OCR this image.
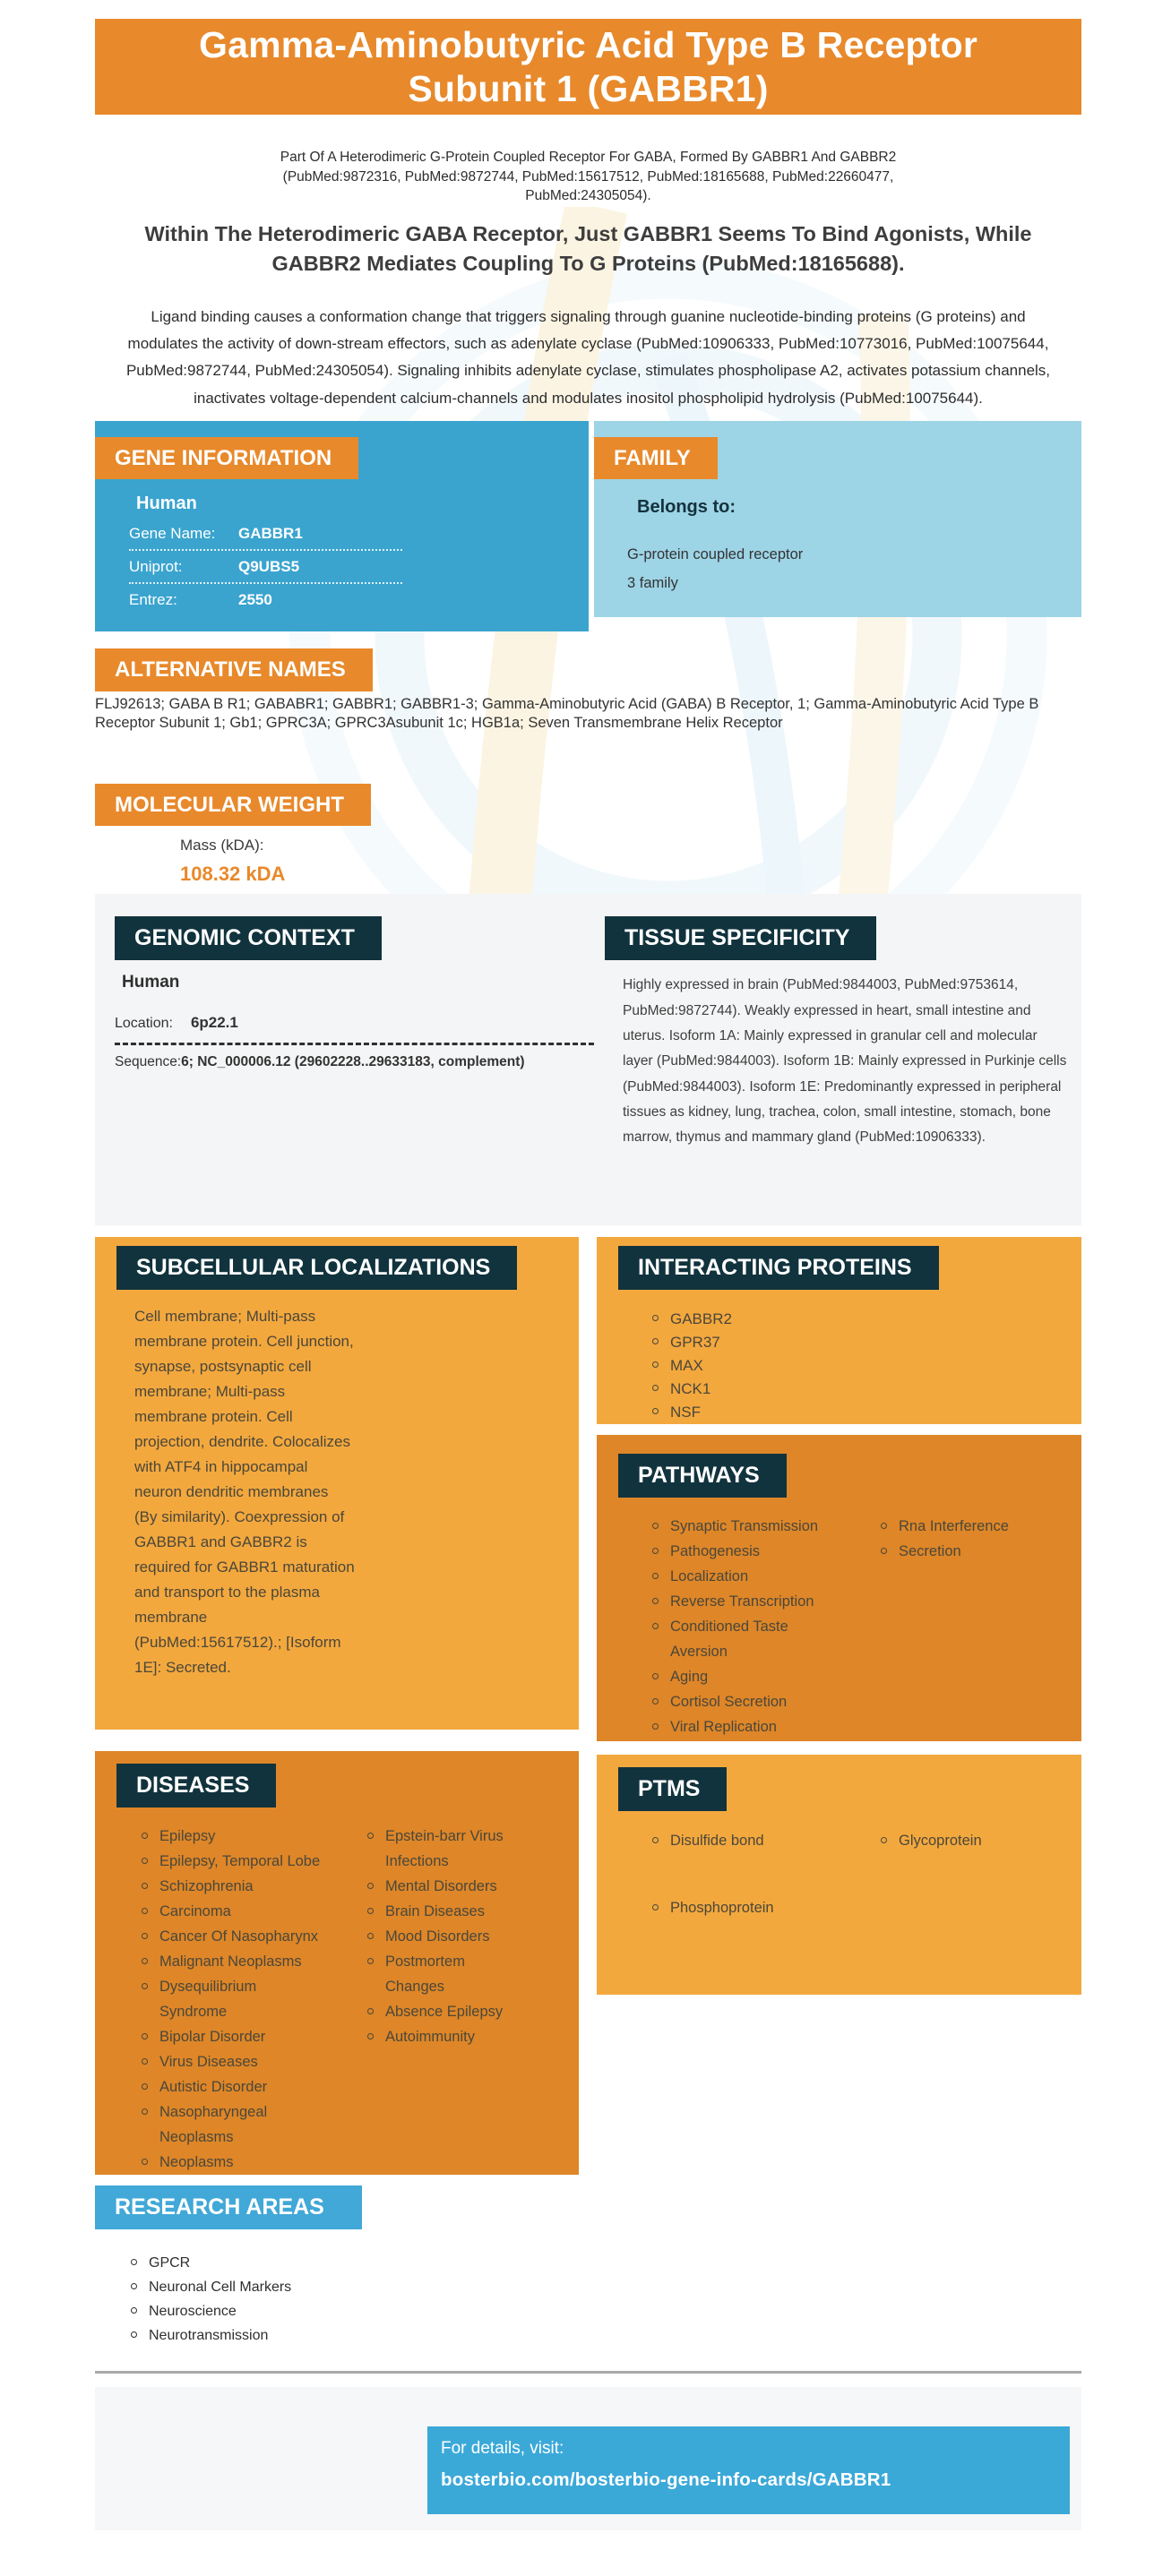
Gamma-Aminobutyric Acid Type B Receptor Subunit 1 (GABBR1)

Part Of A Heterodimeric G-Protein Coupled Receptor For GABA, Formed By GABBR1 And GABBR2 (PubMed:9872316, PubMed:9872744, PubMed:15617512, PubMed:18165688, PubMed:22660477, PubMed:24305054).

Within The Heterodimeric GABA Receptor, Just GABBR1 Seems To Bind Agonists, While GABBR2 Mediates Coupling To G Proteins (PubMed:18165688).

Ligand binding causes a conformation change that triggers signaling through guanine nucleotide-binding proteins (G proteins) and modulates the activity of down-stream effectors, such as adenylate cyclase (PubMed:10906333, PubMed:10773016, PubMed:10075644, PubMed:9872744, PubMed:24305054). Signaling inhibits adenylate cyclase, stimulates phospholipase A2, activates potassium channels, inactivates voltage-dependent calcium-channels and modulates inositol phospholipid hydrolysis (PubMed:10075644).

GENE INFORMATION
Human
Gene Name:	GABBR1
Uniprot:	Q9UBS5
Entrez:	2550
FAMILY
Belongs to:
G-protein coupled receptor
3 family
ALTERNATIVE NAMES

FLJ92613; GABA B R1; GABABR1; GABBR1; GABBR1-3; Gamma-Aminobutyric Acid (GABA) B Receptor, 1; Gamma-Aminobutyric Acid Type B Receptor Subunit 1; Gb1; GPRC3A; GPRC3Asubunit 1c; HGB1a; Seven Transmembrane Helix Receptor

MOLECULAR WEIGHT
Mass (kDA):
108.32 kDA
GENOMIC CONTEXT
Human
Location: 6p22.1
Sequence:6; NC_000006.12 (29602228..29633183, complement)
TISSUE SPECIFICITY

Highly expressed in brain (PubMed:9844003, PubMed:9753614, PubMed:9872744). Weakly expressed in heart, small intestine and uterus. Isoform 1A: Mainly expressed in granular cell and molecular layer (PubMed:9844003). Isoform 1B: Mainly expressed in Purkinje cells (PubMed:9844003). Isoform 1E: Predominantly expressed in peripheral tissues as kidney, lung, trachea, colon, small intestine, stomach, bone marrow, thymus and mammary gland (PubMed:10906333).

SUBCELLULAR LOCALIZATIONS

Cell membrane; Multi-pass membrane protein. Cell junction, synapse, postsynaptic cell membrane; Multi-pass membrane protein. Cell projection, dendrite. Colocalizes with ATF4 in hippocampal neuron dendritic membranes (By similarity). Coexpression of GABBR1 and GABBR2 is required for GABBR1 maturation and transport to the plasma membrane (PubMed:15617512).; [Isoform 1E]: Secreted.

INTERACTING PROTEINS
GABBR2
GPR37
MAX
NCK1
NSF
PATHWAYS
Synaptic Transmission
Pathogenesis
Localization
Reverse Transcription
Conditioned Taste Aversion
Aging
Cortisol Secretion
Viral Replication
Rna Interference
Secretion
DISEASES
Epilepsy
Epilepsy, Temporal Lobe
Schizophrenia
Carcinoma
Cancer Of Nasopharynx
Malignant Neoplasms
Dysequilibrium Syndrome
Bipolar Disorder
Virus Diseases
Autistic Disorder
Nasopharyngeal Neoplasms
Neoplasms
Epstein-barr Virus Infections
Mental Disorders
Brain Diseases
Mood Disorders
Postmortem Changes
Absence Epilepsy
Autoimmunity
PTMS
Disulfide bond
Phosphoprotein
Glycoprotein
RESEARCH AREAS
GPCR
Neuronal Cell Markers
Neuroscience
Neurotransmission
For details, visit:
bosterbio.com/bosterbio-gene-info-cards/GABBR1
